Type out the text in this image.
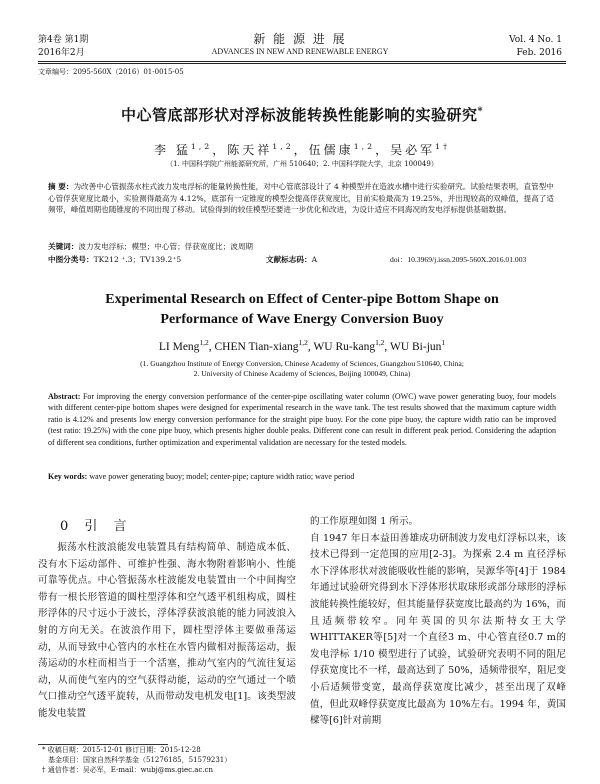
第4卷 第1期
2016年2月
新 能 源 进 展
ADVANCES IN NEW AND RENEWABLE ENERGY
Vol. 4 No. 1
Feb. 2016
文章编号：2095-560X（2016）01-0015-05
中心管底部形状对浮标波能转换性能影响的实验研究*
李 猛$^{1,2}$，陈天祥$^{1,2}$，伍儒康$^{1,2}$，吴必军$^{1\dagger}$
（1. 中国科学院广州能源研究所，广州 510640；2. 中国科学院大学，北京 100049）
摘 要：为改善中心管振荡水柱式波力发电浮标的能量转换性能，对中心管底部设计了 4 种模型并在造波水槽中进行实验研究。试验结果表明，直管型中心管俘获宽度比最小，实验测得最高为 4.12%，底部有一定锥度的模型会提高俘获宽度比，目前实验最高为 19.25%，并出现较高的双峰值，提高了适频带，峰值周期也随锥度的不同出现了移动。试验得到的较佳模型还要进一步优化和改进，为设计适应不同海况的发电浮标提供基础数据。
关键词：波力发电浮标；模型；中心管；俘获宽度比；波周期
中图分类号：TK212 ⁺.3；TV139.2⁺5	文献标志码：A	doi：10.3969/j.issn.2095-560X.2016.01.003
Experimental Research on Effect of Center-pipe Bottom Shape on
Performance of Wave Energy Conversion Buoy
LI Meng$^{1,2}$, CHEN Tian-xiang$^{1,2}$, WU Ru-kang$^{1,2}$, WU Bi-jun$^1$
(1. Guangzhou Institute of Energy Conversion, Chinese Academy of Sciences, Guangzhou 510640, China;
2. University of Chinese Academy of Sciences, Beijing 100049, China)
Abstract: For improving the energy conversion performance of the center-pipe oscillating water column (OWC) wave power generating buoy, four models with different center-pipe bottom shapes were designed for experimental research in the wave tank. The test results showed that the maximum capture width ratio is 4.12% and presents low energy conversion performance for the straight pipe buoy. For the cone pipe buoy, the capture width ratio can be improved (test ratio: 19.25%) with the cone pipe buoy, which presents higher double peaks. Different cone can result in different peak period. Considering the adaption of different sea conditions, further optimization and experimental validation are necessary for the tested models.
Key words: wave power generating buoy; model; center-pipe; capture width ratio; wave period
0 引 言
振荡水柱波浪能发电装置具有结构简单、制造成本低、没有水下运动部件、可维护性强、海水物附着影响小、性能可靠等优点。中心管振荡水柱波能发电装置由一个中间掏空带有一根长形管道的圆柱型浮体和空气透平机组构成，圆柱形浮体的尺寸远小于波长，浮体浮获波浪能的能力同波浪入射的方向无关。在波浪作用下，圆柱型浮体主要做垂荡运动，从而导致中心管内的水柱在水管内做相对振荡运动，振荡运动的水柱而相当于一个活塞，推动气室内的气流往复运动，从而使气室内的空气获得动能，运动的空气通过一个喷气口推动空气透平旋转，从而带动发电机发电[1]。该类型波能发电装置
的工作原理如图 1 所示。
自 1947 年日本益田善雄成功研制波力发电灯浮标以来，该技术已得到一定范围的应用[2-3]。为探索 2.4 m 直径浮标水下浮体形状对波能吸收性能的影响，吴源华等[4]于 1984 年通过试验研究得到水下浮体形状取球形或部分球形的浮标波能转换性能较好，但其能量俘获宽度比最高约为 16%，而且适频带较窄。同年英国的贝尔法斯特女王大学WHITTAKER等[5]对一个直径3 m、中心管直径0.7 m的发电浮标 1/10 模型进行了试验，试验研究表明不同的阻尼俘获宽度比不一样，最高达到了 50%，适频带很窄，阻尼变小后适频带变宽，最高俘获宽度比减少，甚至出现了双峰值，但此双峰俘获宽度比最高为 10%左右。1994 年，黄国樑等[6]针对前期
* 收稿日期：2015-12-01 修订日期：2015-12-28
基金项目：国家自然科学基金（51276185，51579231）
† 通信作者：吴必军，E-mail：wubj@ms.giec.ac.cn
